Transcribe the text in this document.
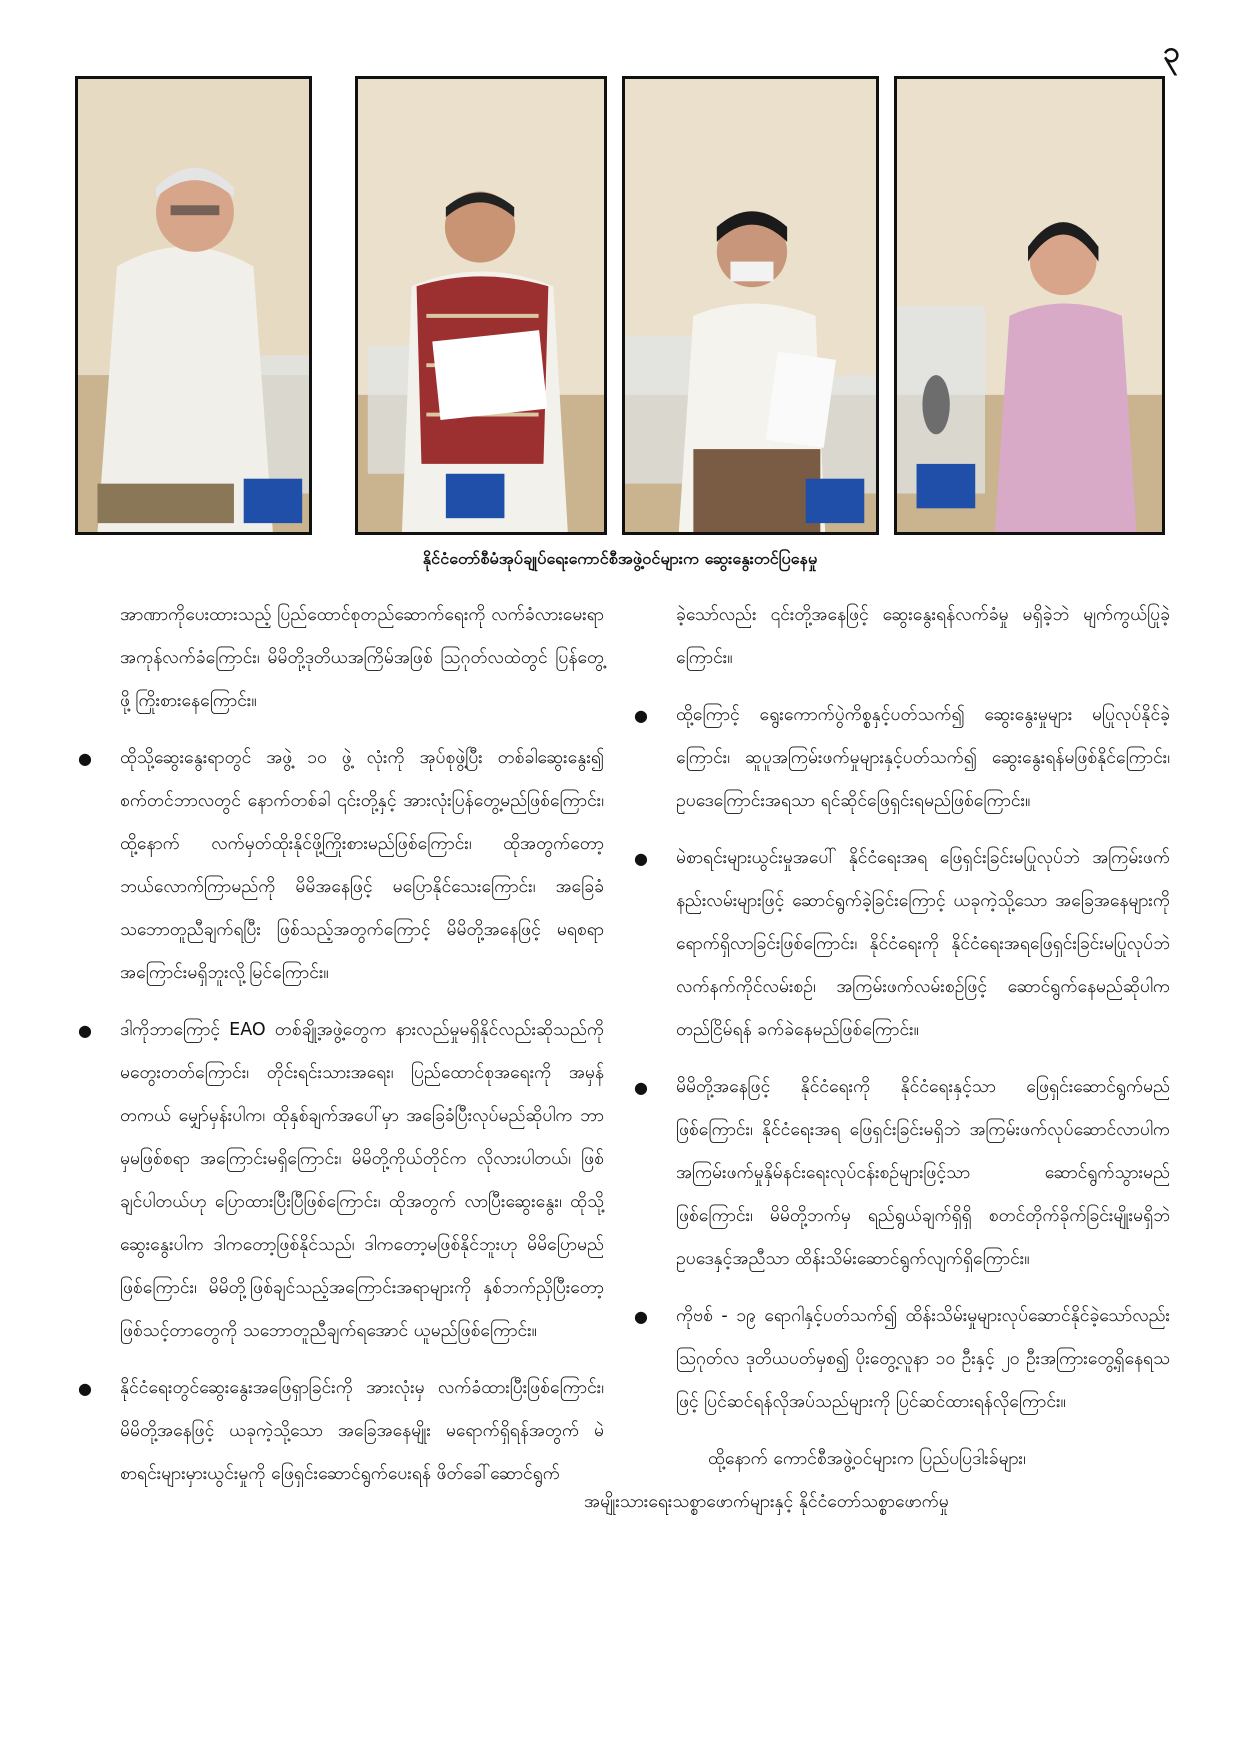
၃
နိုင်ငံတော်စီမံအုပ်ချုပ်ရေးကောင်စီအဖွဲ့ဝင်များက ဆွေးနွေးတင်ပြနေမှု

အာဏာကိုပေးထားသည့် ပြည်ထောင်စုတည်ဆောက်ရေးကို လက်ခံလားမေးရာ အကုန်လက်ခံကြောင်း၊ မိမိတို့ဒုတိယအကြိမ်အဖြစ် ဩဂုတ်လထဲတွင် ပြန်တွေ့ဖို့ ကြိုးစားနေကြောင်း။

● ထိုသို့ဆွေးနွေးရာတွင် အဖွဲ့ ၁၀ ဖွဲ့ လုံးကို အုပ်စုဖွဲ့ပြီး တစ်ခါဆွေးနွေး၍ စက်တင်ဘာလတွင် နောက်တစ်ခါ ၎င်းတို့နှင့် အားလုံးပြန်တွေ့မည်ဖြစ်ကြောင်း၊ ထို့နောက် လက်မှတ်ထိုးနိုင်ဖို့ကြိုးစားမည်ဖြစ်ကြောင်း၊ ထိုအတွက်တော့ ဘယ်လောက်ကြာမည်ကို မိမိအနေဖြင့် မပြောနိုင်သေးကြောင်း၊ အခြေခံသဘောတူညီချက်ရပြီး ဖြစ်သည့်အတွက်ကြောင့် မိမိတို့အနေဖြင့် မရစရာအကြောင်းမရှိဘူးလို့မြင်ကြောင်း။

● ဒါကိုဘာကြောင့် EAO တစ်ချို့အဖွဲ့တွေက နားလည်မှုမရှိနိုင်လည်းဆိုသည်ကို မတွေးတတ်ကြောင်း၊ တိုင်းရင်းသားအရေး၊ ပြည်ထောင်စုအရေးကို အမှန်တကယ် မျှော်မှန်းပါက၊ ထိုနှစ်ချက်အပေါ်မှာ အခြေခံပြီးလုပ်မည်ဆိုပါက ဘာမှမဖြစ်စရာ အကြောင်းမရှိကြောင်း၊ မိမိတို့ကိုယ်တိုင်က လိုလားပါတယ်၊ ဖြစ်ချင်ပါတယ်ဟု ပြောထားပြီးပြီဖြစ်ကြောင်း၊ ထိုအတွက် လာပြီးဆွေးနွေး၊ ထိုသို့ဆွေးနွေးပါက ဒါကတော့ဖြစ်နိုင်သည်၊ ဒါကတော့မဖြစ်နိုင်ဘူးဟု မိမိပြောမည်ဖြစ်ကြောင်း၊ မိမိတို့ဖြစ်ချင်သည့်အကြောင်းအရာများကို နှစ်ဘက်ညှိပြီးတော့ ဖြစ်သင့်တာတွေကို သဘောတူညီချက်ရအောင် ယူမည်ဖြစ်ကြောင်း။

● နိုင်ငံရေးတွင်ဆွေးနွေးအဖြေရှာခြင်းကို အားလုံးမှ လက်ခံထားပြီးဖြစ်ကြောင်း၊ မိမိတို့အနေဖြင့် ယခုကဲ့သို့သော အခြေအနေမျိုး မရောက်ရှိရန်အတွက် မဲစာရင်းများမှားယွင်းမှုကို ဖြေရှင်းဆောင်ရွက်ပေးရန် ဖိတ်ခေါ်ဆောင်ရွက်

ခဲ့သော်လည်း ၎င်းတို့အနေဖြင့် ဆွေးနွေးရန်လက်ခံမှု မရှိခဲ့ဘဲ မျက်ကွယ်ပြုခဲ့ကြောင်း။

● ထို့ကြောင့် ရွေးကောက်ပွဲကိစ္စနှင့်ပတ်သက်၍ ဆွေးနွေးမှုများ မပြုလုပ်နိုင်ခဲ့ကြောင်း၊ ဆူပူအကြမ်းဖက်မှုများနှင့်ပတ်သက်၍ ဆွေးနွေးရန်မဖြစ်နိုင်ကြောင်း၊ ဥပဒေကြောင်းအရသာ ရင်ဆိုင်ဖြေရှင်းရမည်ဖြစ်ကြောင်း။

● မဲစာရင်းများယွင်းမှုအပေါ် နိုင်ငံရေးအရ ဖြေရှင်းခြင်းမပြုလုပ်ဘဲ အကြမ်းဖက်နည်းလမ်းများဖြင့် ဆောင်ရွက်ခဲ့ခြင်းကြောင့် ယခုကဲ့သို့သော အခြေအနေများကို ရောက်ရှိလာခြင်းဖြစ်ကြောင်း၊ နိုင်ငံရေးကို နိုင်ငံရေးအရဖြေရှင်းခြင်းမပြုလုပ်ဘဲ လက်နက်ကိုင်လမ်းစဉ်၊ အကြမ်းဖက်လမ်းစဉ်ဖြင့် ဆောင်ရွက်နေမည်ဆိုပါက တည်ငြိမ်ရန် ခက်ခဲနေမည်ဖြစ်ကြောင်း။

● မိမိတို့အနေဖြင့် နိုင်ငံရေးကို နိုင်ငံရေးနှင့်သာ ဖြေရှင်းဆောင်ရွက်မည်ဖြစ်ကြောင်း၊ နိုင်ငံရေးအရ ဖြေရှင်းခြင်းမရှိဘဲ အကြမ်းဖက်လုပ်ဆောင်လာပါက အကြမ်းဖက်မှုနှိမ်နင်းရေးလုပ်ငန်းစဉ်များဖြင့်သာ ဆောင်ရွက်သွားမည်ဖြစ်ကြောင်း၊ မိမိတို့ဘက်မှ ရည်ရွယ်ချက်ရှိရှိ စတင်တိုက်ခိုက်ခြင်းမျိုးမရှိဘဲ ဥပဒေနှင့်အညီသာ ထိန်းသိမ်းဆောင်ရွက်လျက်ရှိကြောင်း။

● ကိုဗစ် - ၁၉ ရောဂါနှင့်ပတ်သက်၍ ထိန်းသိမ်းမှုများလုပ်ဆောင်နိုင်ခဲ့သော်လည်း ဩဂုတ်လ ဒုတိယပတ်မှစ၍ ပိုးတွေ့လူနာ ၁၀ ဦးနှင့် ၂၀ ဦးအကြားတွေ့ရှိနေရသဖြင့် ပြင်ဆင်ရန်လိုအပ်သည်များကို ပြင်ဆင်ထားရန်လိုကြောင်း။

ထို့နောက် ကောင်စီအဖွဲ့ဝင်များက ပြည်ပပြဒါးခ်များ၊

အမျိုးသားရေးသစ္စာဖောက်များနှင့် နိုင်ငံတော်သစ္စာဖောက်မှု
